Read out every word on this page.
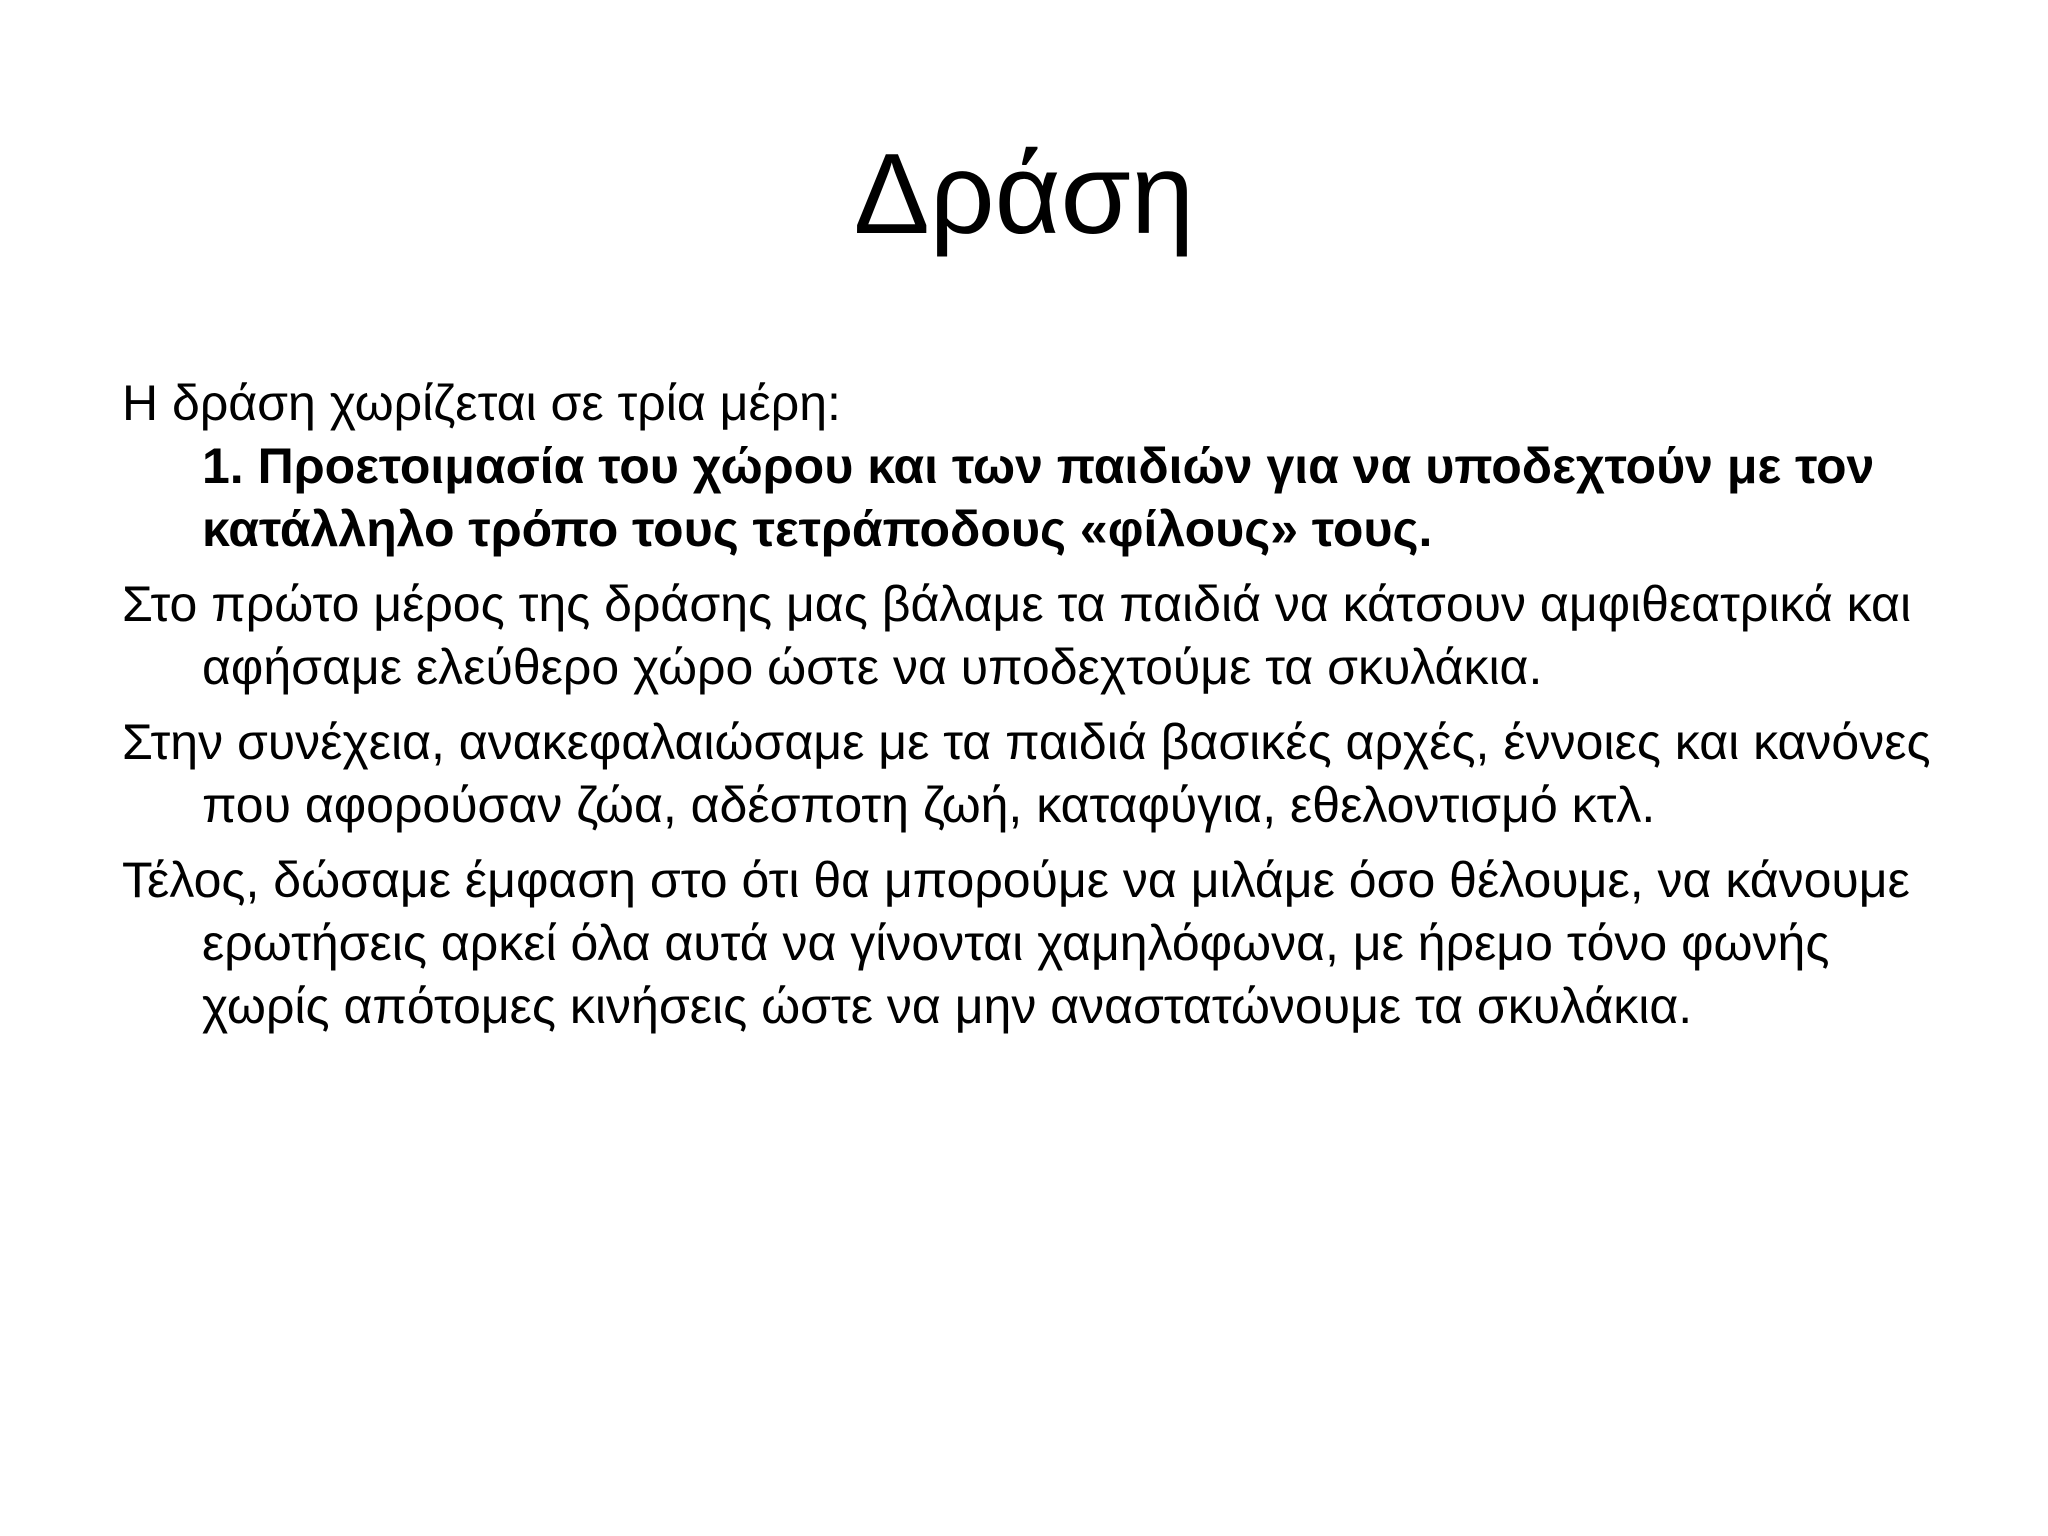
Δράση

Η δράση χωρίζεται σε τρία μέρη:

1. Προετοιμασία του χώρου και των παιδιών για να υποδεχτούν με τον κατάλληλο τρόπο τους τετράποδους «φίλους» τους.

Στο πρώτο μέρος της δράσης μας βάλαμε τα παιδιά να κάτσουν αμφιθεατρικά και αφήσαμε ελεύθερο χώρο ώστε να υποδεχτούμε τα σκυλάκια.

Στην συνέχεια, ανακεφαλαιώσαμε με τα παιδιά βασικές αρχές, έννοιες και κανόνες που αφορούσαν ζώα, αδέσποτη ζωή, καταφύγια, εθελοντισμό κτλ.

Τέλος, δώσαμε έμφαση στο ότι θα μπορούμε να μιλάμε όσο θέλουμε, να κάνουμε ερωτήσεις αρκεί όλα αυτά να γίνονται χαμηλόφωνα, με ήρεμο τόνο φωνής χωρίς απότομες κινήσεις ώστε να μην αναστατώνουμε τα σκυλάκια.
